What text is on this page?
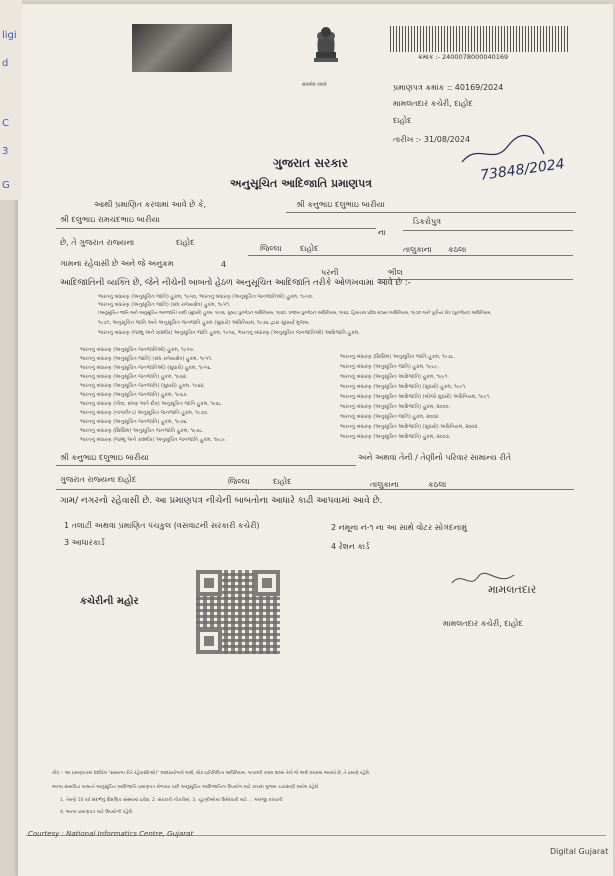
सत्यमेव जयते
ક્રમાંક :- 2400078000040169
પ્રમાણપત્ર ક્રમાંક :: 40169/2024
મામલતદાર કચેરી, દાહોદ
દાહોદ
તારીખ :- 31/08/2024
73848/2024
ગુજરાત સરકાર
અનુસૂચિત આદિજાતિ પ્રમાણપત્ર
આથી પ્રમાણિત કરવામાં આવે છે કે,	શ્રી કનુભાઇ દલુભાઇ બારીયા
શ્રી દલુભાઇ રામચંદભાઇ બારીયા
ના
ડિકરોપુત્ર
છે, તે ગુજરાત રાજ્યના	દાહોદ
જિલ્લા દાહોદ	તાલુકાના કઠલા
ગામના રહેવાસી છે અને જે અનુક્રમ	4
પરની	ભીલ
આદિજાતિની વ્યક્તિ છે, જેને નીચેની બાબતો હેઠળ અનુસૂચિત આદિજાતિ તરીકે ઓળખવામાં આવે છે :-
ભારતનું બંધારણ (અનુસૂચિત જાતિ) હુકમ, ૧૯૫૦, ભારતનું બંધારણ (અનુસૂચિત જનજાતિઓ) હુકમ, ૧૯૫૦.
ભારતનું બંધારણ (અનુસૂચિત જાતિ) (સંઘ રાજ્યક્ષેત્ર) હુકમ, ૧૯૫૧.
(અનુસૂચિત જાતિ અને અનુસૂચિત જનજાતિ) યાદી (સુધારો) હુકમ, ૧૯૫૬, મુંબઇ પુનર્ગઠન અધિનિયમ, ૧૯૬૦, પંજાબ પુનર્ગઠન અધિનિયમ, ૧૯૬૬, હિમાચલ પ્રદેશ રાજ્ય અધિનિયમ, ૧૯૭૦ અને પૂર્વોત્તર ક્ષેત્ર (પુનર્ગઠન) અધિનિયમ,
૧૯૭૧, અનુસૂચિત જાતિ અને અનુસૂચિત જનજાતિ હુકમ (સુધારો) અધિનિયમ, ૧૯૭૬ દ્વારા સુધાર્યા મુજબ.
ભારતનું બંધારણ (જમ્મુ અને કાશ્મીર) અનુસૂચિત જાતિ હુકમ, ૧૯૫૬, ભારતનું બંધારણ (અનુસૂચિત જનજાતિઓ) આદિજાતિ હુકમ.
ભારતનું બંધારણ (અનુસૂચિત જનજાતિઓ) હુકમ, ૧૯૫૦.
ભારતનું બંધારણ (અનુસૂચિત જાતિ) (સંઘ રાજ્યક્ષેત્ર) હુકમ, ૧૯૫૧.
ભારતનું બંધારણ (અનુસૂચિત જનજાતિઓ) (સુધારો) હુકમ, ૧૯૫૬.
ભારતનું બંધારણ (અનુસૂચિત જનજાતિ) હુકમ, ૧૯૬૨.
ભારતનું બંધારણ (અનુસૂચિત જનજાતિ) (સુધારો) હુકમ, ૧૯૬૪.
ભારતનું બંધારણ (અનુસૂચિત જનજાતિ) હુકમ, ૧૯૬૭.
ભારતનું બંધારણ (ગોવા, દમણ અને દીવ) અનુસૂચિત જાતિ હુકમ, ૧૯૬૮.
ભારતનું બંધારણ (નાગાલેન્ડ) અનુસૂચિત જનજાતિ હુકમ, ૧૯૭૦.
ભારતનું બંધારણ (અનુસૂચિત જનજાતિ) હુકમ, ૧૯૭૬.
ભારતનું બંધારણ (સિક્કિમ) અનુસૂચિત જનજાતિ હુકમ, ૧૯૭૮.
ભારતનું બંધારણ (જમ્મુ અને કાશ્મીર) અનુસૂચિત જનજાતિ હુકમ, ૧૯૮૯.
ભારતનું બંધારણ (સિક્કિમ) અનુસૂચિત જાતિ હુકમ, ૧૯૭૮.
ભારતનું બંધારણ (અનુસૂચિત જાતિ) હુકમ, ૧૯૮૯.
ભારતનું બંધારણ (અનુસૂચિત આદિજાતિ) હુકમ, ૧૯૯૧.
ભારતનું બંધારણ (અનુસૂચિત આદિજાતિ) (સુધારો) હુકમ, ૧૯૯૧.
ભારતનું બંધારણ (અનુસૂચિત આદિજાતિ) (બીજો સુધારો) અધિનિયમ, ૧૯૯૧.
ભારતનું બંધારણ (અનુસૂચિત આદિજાતિ) હુકમ, ૨૦૦૦.
ભારતનું બંધારણ (અનુસૂચિત જાતિ) હુકમ, ૨૦૦૨.
ભારતનું બંધારણ (અનુસૂચિત આદિજાતિ) (સુધારો) અધિનિયમ, ૨૦૦૨.
ભારતનું બંધારણ (અનુસૂચિત આદિજાતિ) હુકમ, ૨૦૦૩.
શ્રી કનુભાઇ દલુભાઇ બારીયા	અને અથવા તેની / તેણીનો પરિવાર સામાન્ય રીતે
ગુજરાત રાજ્યના દાહોદ	જિલ્લા	દાહોદ	તાલુકાના	કઠલા
ગામ/ નગરનો રહેવાસી છે. આ પ્રમાણપત્ર નીચેની બાબતોના આધારે કાઢી આપવામાં આવે છે.
1 તલાટી અથવા પ્રમાણિત પંચકુલ (વસવાટની સરકારી કચેરી)	2 નમૂના નં-૧ ના આ સાથે વોટર સોગંદનામું
3 આધારકાર્ડ	4 રેશન કાર્ડ
કચેરીની મહોર
મામલતદાર
મામલતદાર કચેરી, દાહોદ
નોંધ :- આ પ્રમાણપત્રમાં દર્શાવેલ "સામાન્ય રીતે રહેવાસી(ઓ)" શબ્દપ્રયોગનો અર્થ, લોક-પ્રતિનિધિત્વ અધિનિયમ, ૧૯૫૦ની કલમ ૨૦માં તેનો જે અર્થ કરવામાં આવ્યો છે, તે પ્રમાણે રહેશે.
અન્ય સમાવિષ્ટ બાબતો અનુસૂચિત આદિજાતિ પ્રમાણપત્ર મેળવ્યા પછી અનુસૂચિત આદિજાતિના ઉપયોગ માટે કાયદા મુજબ ચકાસણી થયેલ રહેશે.
1. તેમણે 10 વર્ષ સંદર્ભનું શૈક્ષણિક સંસ્થામાં પ્રવેશ, 2. સરકારી નોકરીમાં, 3. ચૂંટણીઓમાં ઉમેદવારી માટે ... અરજી કરવાની
4. અન્ય પ્રમાણપત્ર માટે ઉપયોગી રહેશે.
Courtesy : National Informatics Centre, Gujarat
Digital Gujarat
ligi
d
C
3
G
